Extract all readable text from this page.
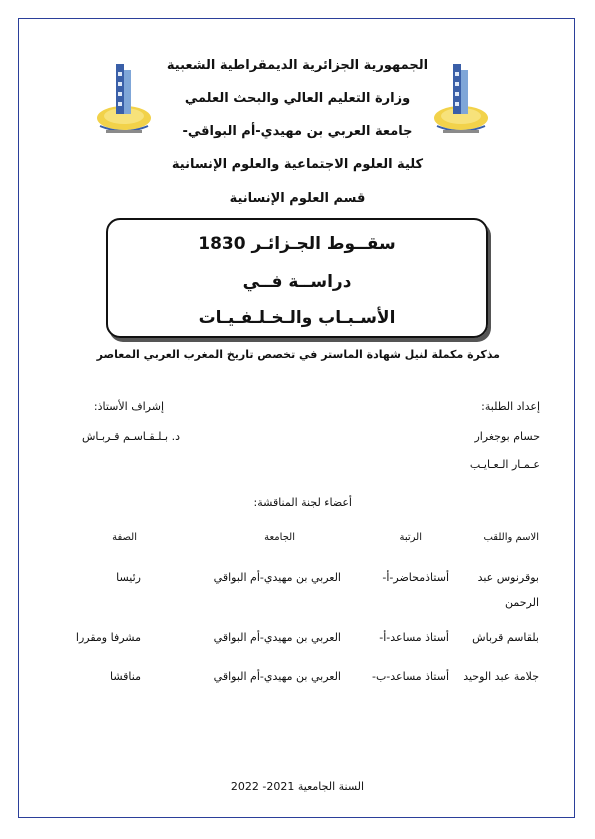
الجمهورية الجزائرية الديمقراطية الشعبية
وزارة التعليم العالي والبحث العلمي
جامعة العربي بن مهيدي-أم البواقي-
كلية العلوم الاجتماعية والعلوم الإنسانية
قسم العلوم الإنسانية
سقــوط الجـزائـر 1830
دراســة فــي
الأسـبـاب والـخـلـفـيـات
مذكرة مكملة لنيل شهادة الماستر في تخصص تاريخ المغرب العربي المعاصر
إعداد الطلبة:
حسام بوجغرار
عـمـار الـعـايـب
إشراف الأستاذ:
د. بـلـقـاسـم قـربـاش
أعضاء لجنة المناقشة:
الاسم واللقب
الرتبة
الجامعة
الصفة
بوقرنوس عبد
الرحمن
أستاذمحاضر-أ-
العربي بن مهيدي-أم البواقي
رئيسا
بلقاسم قرباش
أستاذ مساعد-أ-
العربي بن مهيدي-أم البواقي
مشرفا ومقررا
جلامة عبد الوحيد
أستاذ مساعد-ب-
العربي بن مهيدي-أم البواقي
مناقشا
السنة الجامعية 2021- 2022
